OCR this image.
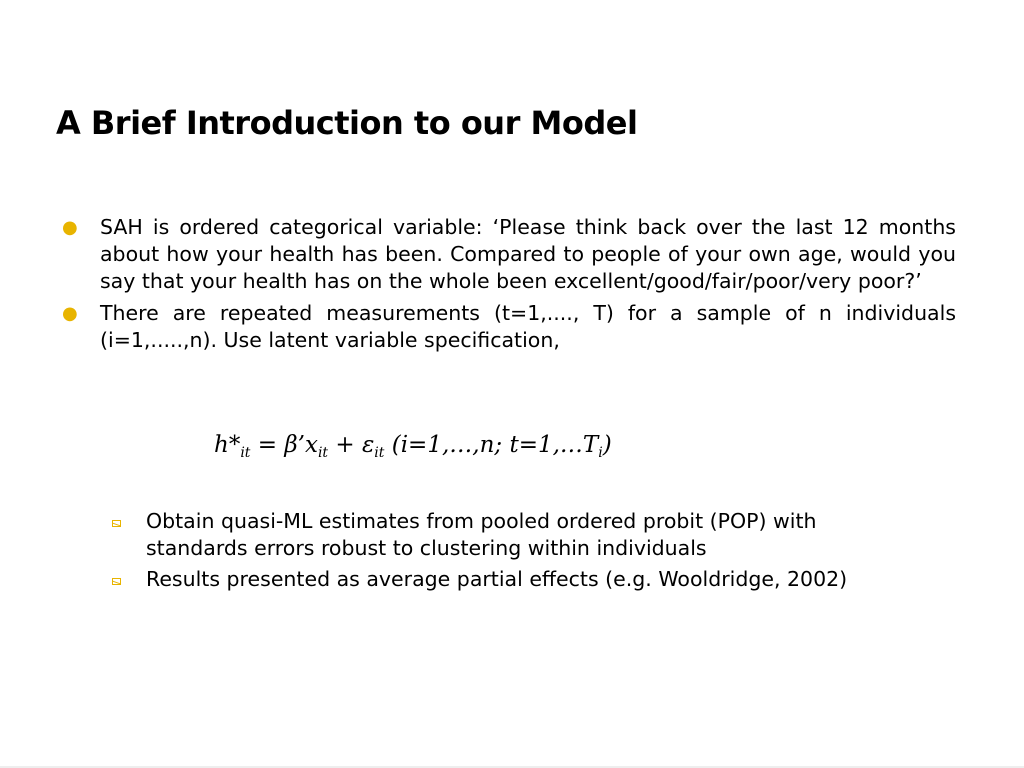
A Brief Introduction to our Model

● SAH is ordered categorical variable: ‘Please think back over the last 12 months about how your health has been. Compared to people of your own age, would you say that your health has on the whole been excellent/good/fair/poor/very poor?’

● There are repeated measurements (t=1,...., T) for a sample of n individuals (i=1,.....,n). Use latent variable specification,

$h*_{it}$ = $\beta’x_{it} + \varepsilon_{it}$ (i=1,…,n; $t=1,\dots T_i$)

Obtain quasi-ML estimates from pooled ordered probit (POP) with standards errors robust to clustering within individuals

Results presented as average partial effects (e.g. Wooldridge, 2002)
